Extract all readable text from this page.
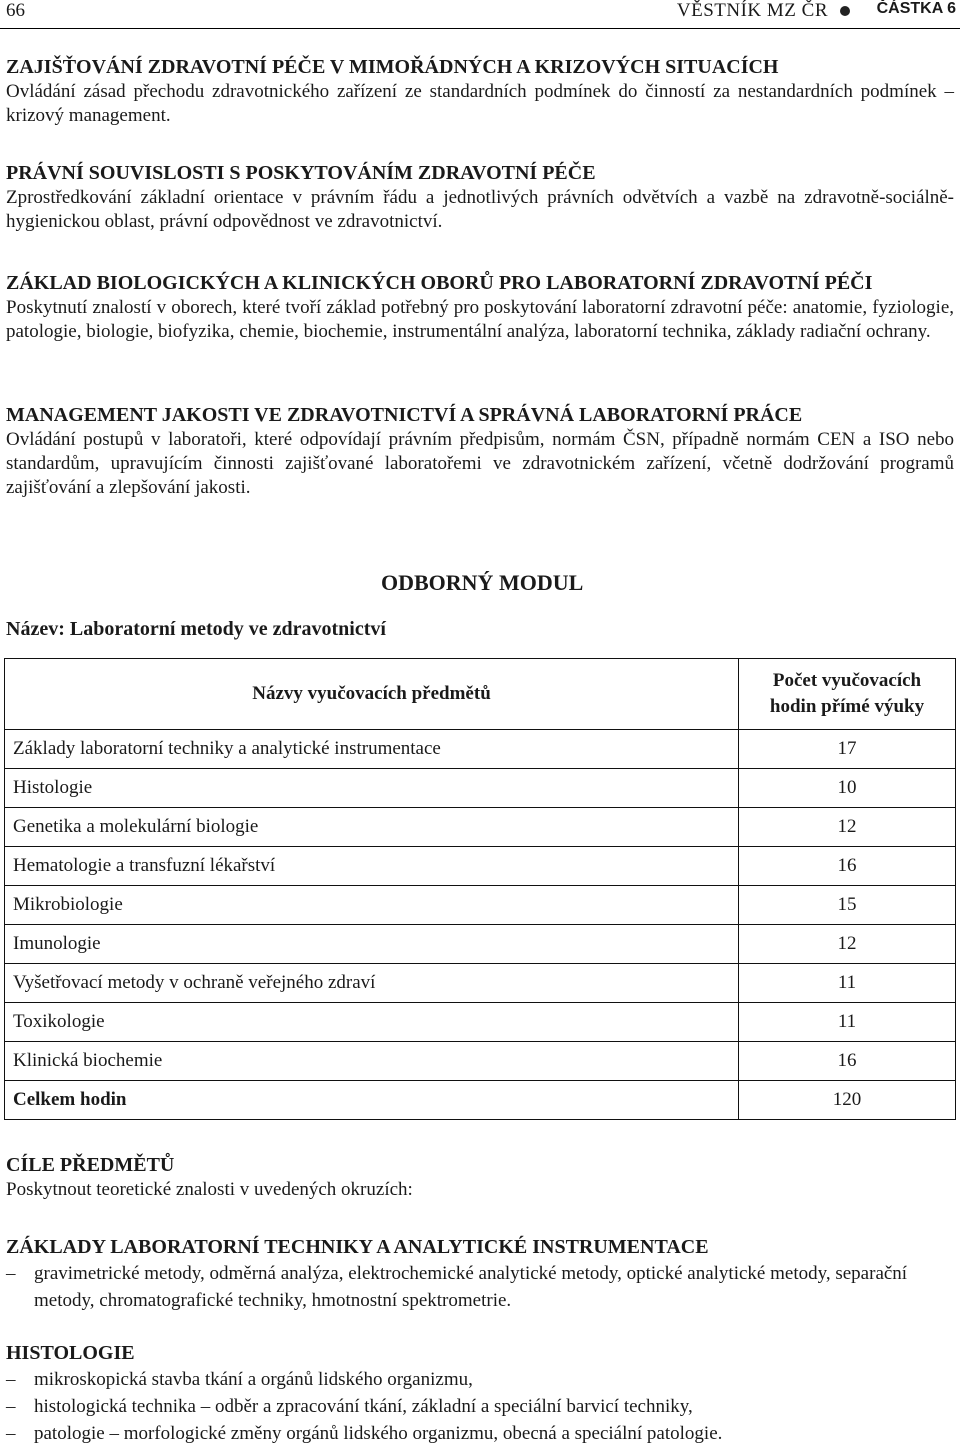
66	VĚSTNÍK MZ ČR	ČÁSTKA 6
ZAJIŠŤOVÁNÍ ZDRAVOTNÍ PÉČE V MIMOŘÁDNÝCH A KRIZOVÝCH SITUACÍCH

Ovládání zásad přechodu zdravotnického zařízení ze standardních podmínek do činností za nestandardních podmínek – krizový management.

PRÁVNÍ SOUVISLOSTI S POSKYTOVÁNÍM ZDRAVOTNÍ PÉČE

Zprostředkování základní orientace v právním řádu a jednotlivých právních odvětvích a vazbě na zdravotně-sociálně-hygienickou oblast, právní odpovědnost ve zdravotnictví.

ZÁKLAD BIOLOGICKÝCH A KLINICKÝCH OBORŮ PRO LABORATORNÍ ZDRAVOTNÍ PÉČI

Poskytnutí znalostí v oborech, které tvoří základ potřebný pro poskytování laboratorní zdravotní péče: anatomie, fyziologie, patologie, biologie, biofyzika, chemie, biochemie, instrumentální analýza, laboratorní technika, základy radiační ochrany.

MANAGEMENT JAKOSTI VE ZDRAVOTNICTVÍ A SPRÁVNÁ LABORATORNÍ PRÁCE

Ovládání postupů v laboratoři, které odpovídají právním předpisům, normám ČSN, případně normám CEN a ISO nebo standardům, upravujícím činnosti zajišťované laboratořemi ve zdravotnickém zařízení, včetně dodržování programů zajišťování a zlepšování jakosti.

ODBORNÝ MODUL
Název: Laboratorní metody ve zdravotnictví
Názvy vyučovacích předmětů	Počet vyučovacích
hodin přímé výuky
Základy laboratorní techniky a analytické instrumentace	17
Histologie	10
Genetika a molekulární biologie	12
Hematologie a transfuzní lékařství	16
Mikrobiologie	15
Imunologie	12
Vyšetřovací metody v ochraně veřejného zdraví	11
Toxikologie	11
Klinická biochemie	16
Celkem hodin	120
CÍLE PŘEDMĚTŮ

Poskytnout teoretické znalosti v uvedených okruzích:

ZÁKLADY LABORATORNÍ TECHNIKY A ANALYTICKÉ INSTRUMENTACE
– gravimetrické metody, odměrná analýza, elektrochemické analytické metody, optické analytické metody, separační metody, chromatografické techniky, hmotnostní spektrometrie.
HISTOLOGIE
– mikroskopická stavba tkání a orgánů lidského organizmu,
– histologická technika – odběr a zpracování tkání, základní a speciální barvicí techniky,
– patologie – morfologické změny orgánů lidského organizmu, obecná a speciální patologie.
